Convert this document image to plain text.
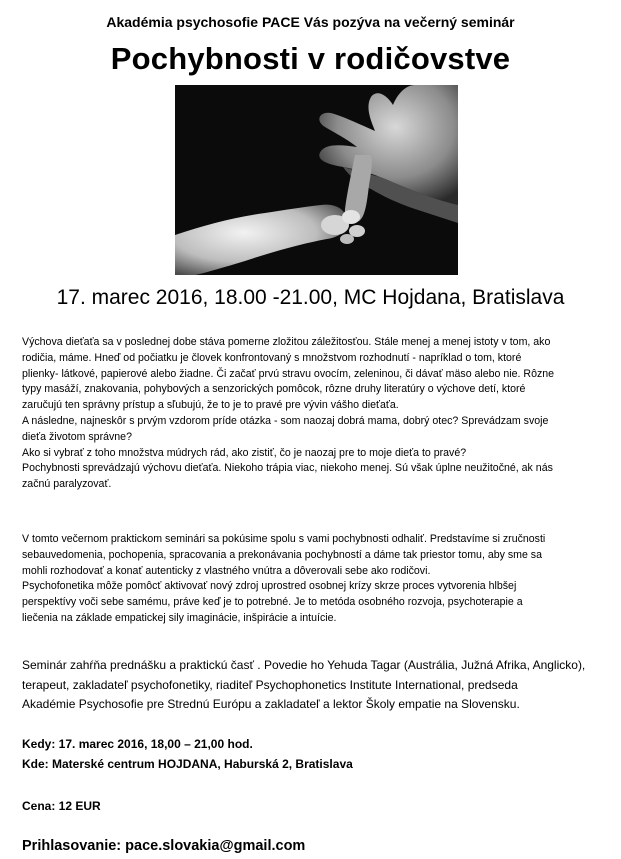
Akadémia psychosofie PACE Vás pozýva na večerný seminár
Pochybnosti v rodičovstve
17. marec 2016, 18.00 -21.00, MC Hojdana, Bratislava

Výchova dieťaťa sa v poslednej dobe stáva pomerne zložitou záležitosťou. Stále menej a menej istoty v tom, ako

rodičia, máme. Hneď od počiatku je človek konfrontovaný s množstvom rozhodnutí - napríklad o tom, ktoré

plienky- látkové, papierové alebo žiadne. Či začať prvú stravu ovocím, zeleninou, či dávať mäso alebo nie. Rôzne

typy masáží, znakovania, pohybových a senzorických pomôcok, rôzne druhy literatúry o výchove detí, ktoré

zaručujú ten správny prístup a sľubujú, že to je to pravé pre vývin vášho dieťaťa.

A následne, najneskôr s prvým vzdorom príde otázka - som naozaj dobrá mama, dobrý otec? Sprevádzam svoje

dieťa životom správne?

Ako si vybrať z toho množstva múdrych rád, ako zistiť, čo je naozaj pre to moje dieťa to pravé?

Pochybnosti sprevádzajú výchovu dieťaťa. Niekoho trápia viac, niekoho menej. Sú však úplne neužitočné, ak nás

začnú paralyzovať.

V tomto večernom praktickom seminári sa pokúsime spolu s vami pochybnosti odhaliť. Predstavíme si zručnosti

sebauvedomenia, pochopenia, spracovania a prekonávania pochybností a dáme tak priestor tomu, aby sme sa

mohli rozhodovať a konať autenticky z vlastného vnútra a dôverovali sebe ako rodičovi.

Psychofonetika môže pomôcť aktivovať nový zdroj uprostred osobnej krízy skrze proces vytvorenia hlbšej

perspektívy voči sebe samému, práve keď je to potrebné. Je to metóda osobného rozvoja, psychoterapie a

liečenia na základe empatickej sily imaginácie, inšpirácie a intuície.

Seminár zahŕňa prednášku a praktickú časť . Povedie ho Yehuda Tagar (Austrália, Južná Afrika, Anglicko),

terapeut, zakladateľ psychofonetiky, riaditeľ Psychophonetics Institute International, predseda

Akadémie Psychosofie pre Strednú Európu a zakladateľ a lektor Školy empatie na Slovensku.

Kedy: 17. marec 2016, 18,00 – 21,00 hod.
Kde: Materské centrum HOJDANA, Haburská 2, Bratislava
Cena: 12 EUR
Prihlasovanie: pace.slovakia@gmail.com
